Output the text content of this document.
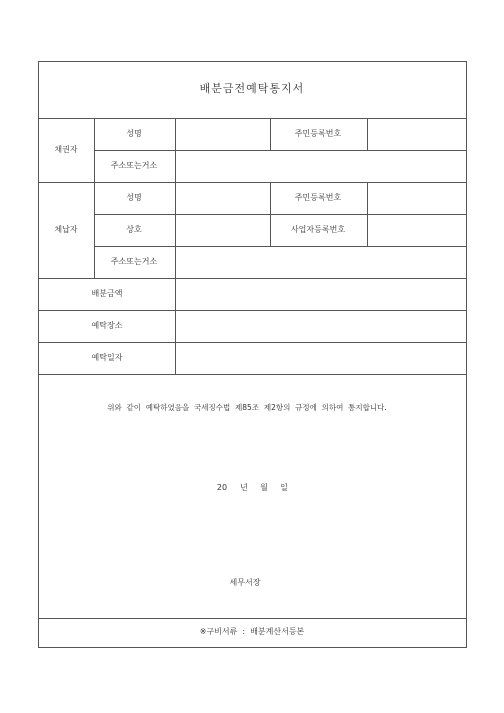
배분금전예탁통지서
채권자
성명	주민등록번호
주소또는거소
체납자
성명	주민등록번호
상호	사업자등록번호
주소또는거소
배분금액
예탁장소
예탁일자
위와  같이  예탁하였음을  국세징수법  제85조  제2항의  규정에  의하여  통지합니다.
20 년 월 일
세무서장
※구비서류  :  배분계산서등본
